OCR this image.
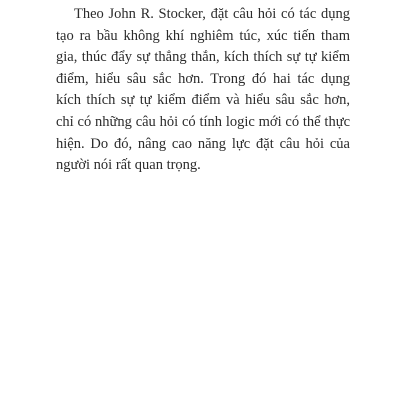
Theo John R. Stocker, đặt câu hỏi có tác dụng
tạo ra bầu không khí nghiêm túc, xúc tiến tham
gia, thúc đẩy sự thẳng thắn, kích thích sự tự kiểm
điểm, hiểu sâu sắc hơn. Trong đó hai tác dụng
kích thích sự tự kiểm điểm và hiểu sâu sắc hơn,
chỉ có những câu hỏi có tính logic mới có thể thực
hiện. Do đó, nâng cao năng lực đặt câu hỏi của
người nói rất quan trọng.
